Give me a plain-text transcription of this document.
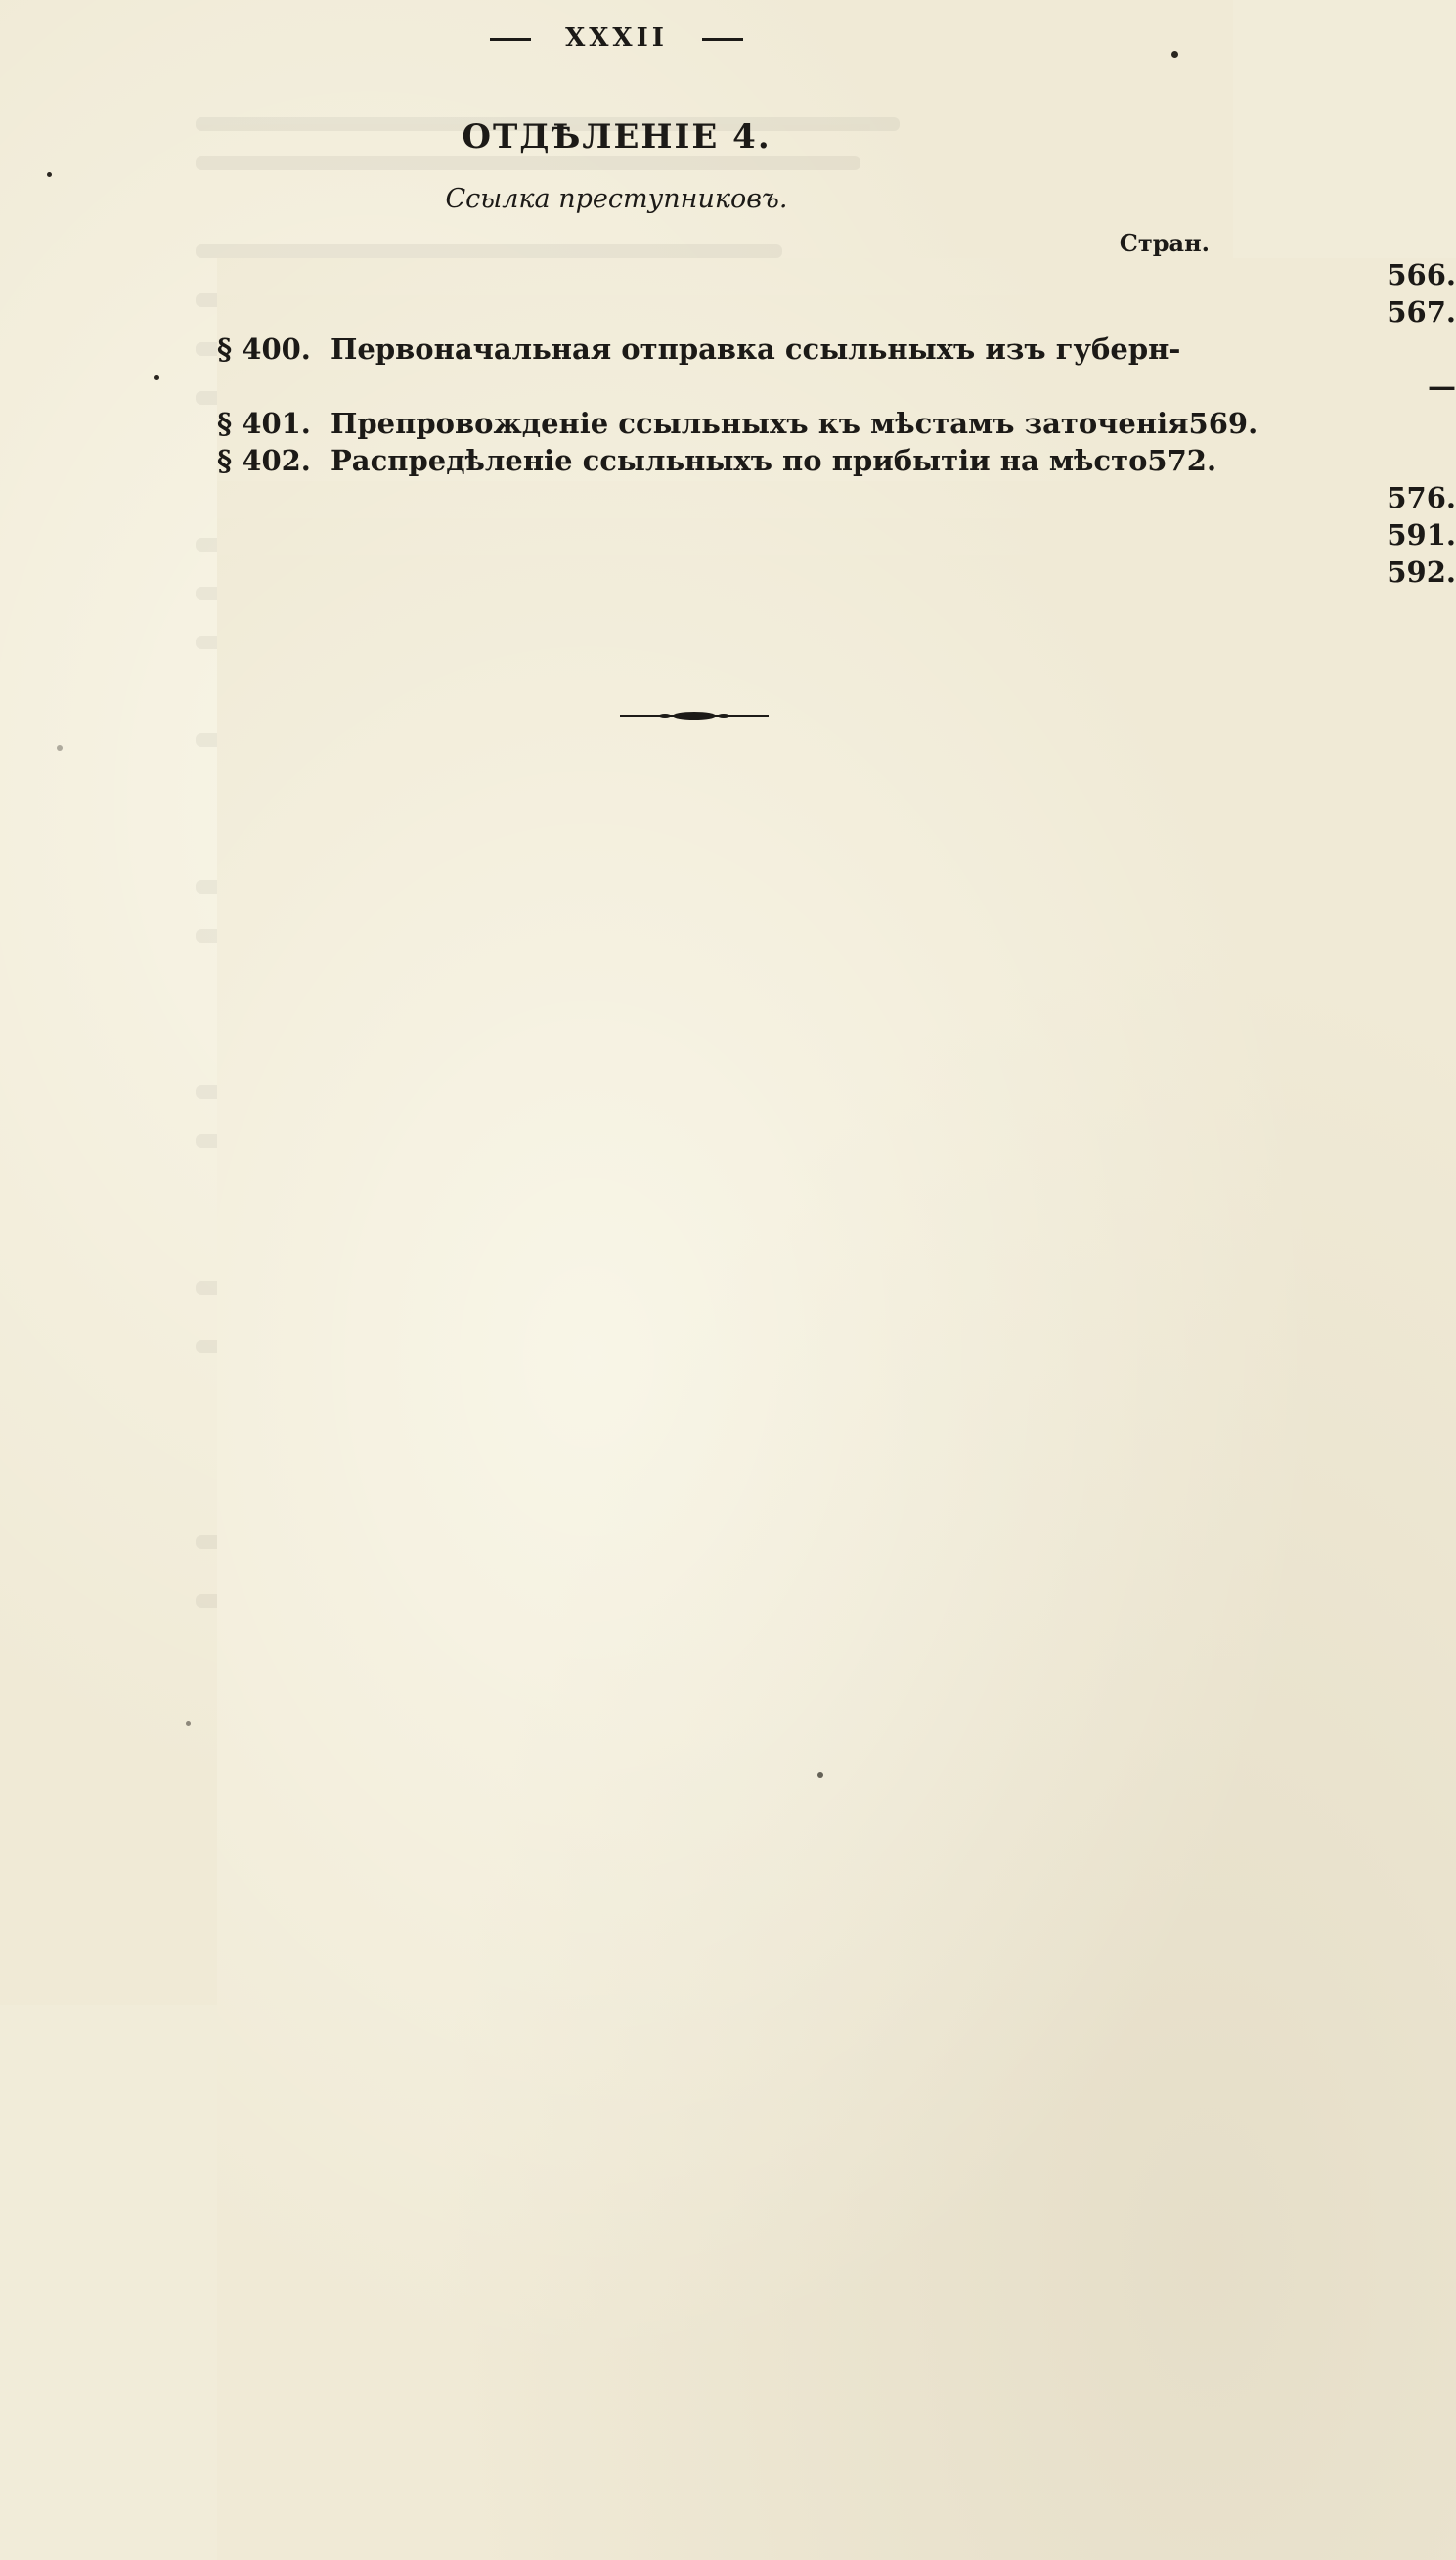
XXXII
ОТДѢЛЕНІЕ 4.
Ссылка преступниковъ.
Стран.
566.
567.
§ 400. Первоначальная отправка ссыльныхъ изъ губерн-
—
§ 401. Препровожденіе ссыльныхъ къ мѣстамъ заточенія 569.
§ 402. Распредѣленіе ссыльныхъ по прибытіи на мѣсто 572.
576.
591.
592.
